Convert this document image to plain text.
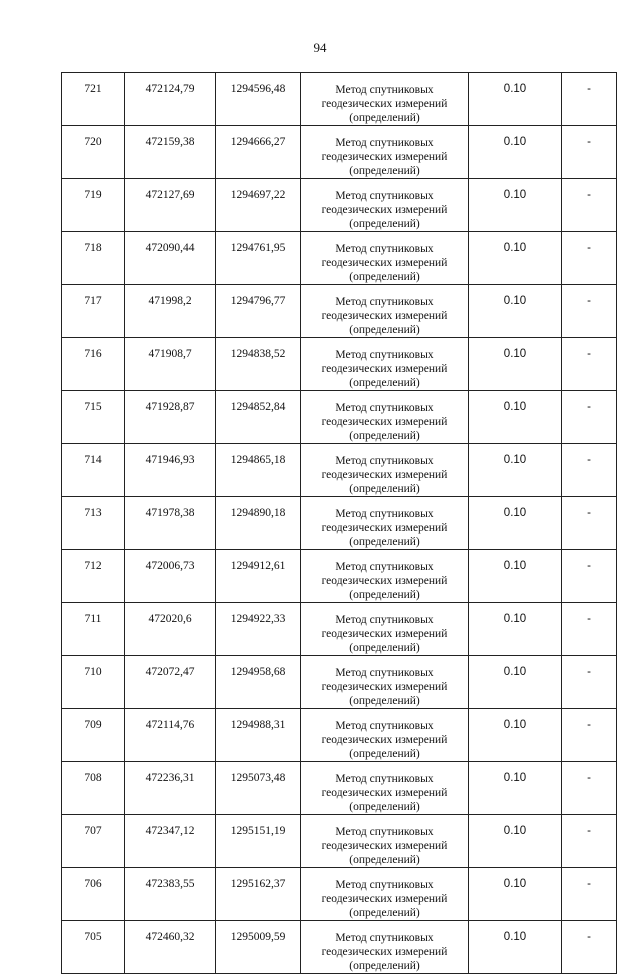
94
721	472124,79	1294596,48	Метод спутниковых
геодезических измерений
(определений)	0.10	-

720	472159,38	1294666,27	Метод спутниковых
геодезических измерений
(определений)	0.10	-

719	472127,69	1294697,22	Метод спутниковых
геодезических измерений
(определений)	0.10	-

718	472090,44	1294761,95	Метод спутниковых
геодезических измерений
(определений)	0.10	-

717	471998,2	1294796,77	Метод спутниковых
геодезических измерений
(определений)	0.10	-

716	471908,7	1294838,52	Метод спутниковых
геодезических измерений
(определений)	0.10	-

715	471928,87	1294852,84	Метод спутниковых
геодезических измерений
(определений)	0.10	-

714	471946,93	1294865,18	Метод спутниковых
геодезических измерений
(определений)	0.10	-

713	471978,38	1294890,18	Метод спутниковых
геодезических измерений
(определений)	0.10	-

712	472006,73	1294912,61	Метод спутниковых
геодезических измерений
(определений)	0.10	-

711	472020,6	1294922,33	Метод спутниковых
геодезических измерений
(определений)	0.10	-

710	472072,47	1294958,68	Метод спутниковых
геодезических измерений
(определений)	0.10	-

709	472114,76	1294988,31	Метод спутниковых
геодезических измерений
(определений)	0.10	-

708	472236,31	1295073,48	Метод спутниковых
геодезических измерений
(определений)	0.10	-

707	472347,12	1295151,19	Метод спутниковых
геодезических измерений
(определений)	0.10	-

706	472383,55	1295162,37	Метод спутниковых
геодезических измерений
(определений)	0.10	-

705	472460,32	1295009,59	Метод спутниковых
геодезических измерений
(определений)	0.10	-
